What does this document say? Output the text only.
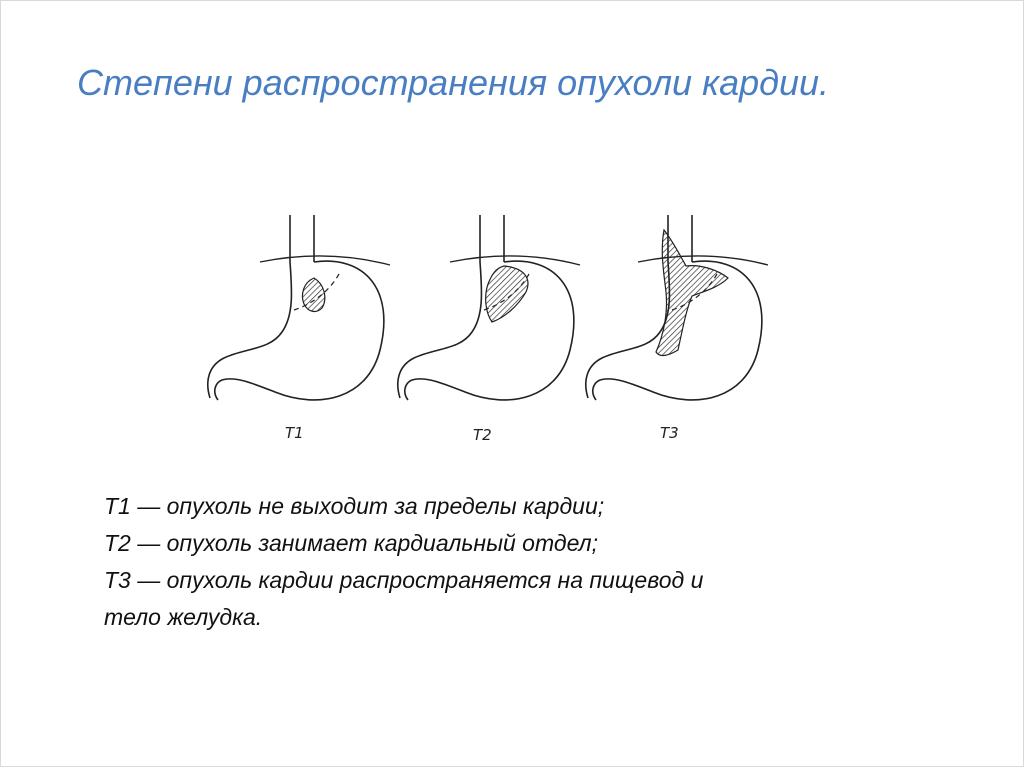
Степени распространения опухоли кардии.
T1	T2	T3
Т1 — опухоль не выходит за пределы кардии;
Т2 — опухоль занимает кардиальный отдел;
Т3 — опухоль кардии распространяется на пищевод и
тело желудка.
